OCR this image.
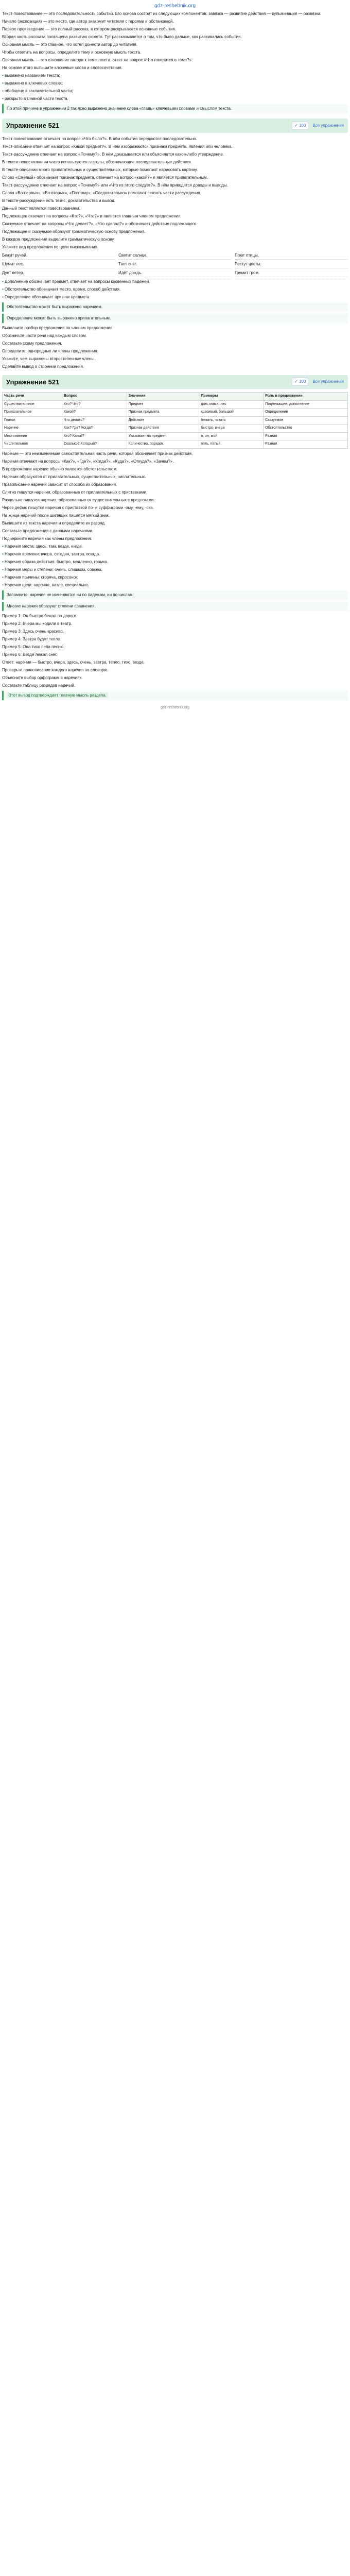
gdz-reshebnik.org

Текст-повествование — это последовательность событий. Его основа состоит из следующих компонентов: завязка — развитие действия — кульминация — развязка.

Начало (экспозиция) — это место, где автор знакомит читателя с героями и обстановкой.

Первое произведение — это полный рассказ, в котором раскрываются основные события.

Вторая часть рассказа посвящена развитию сюжета. Тут рассказывается о том, что было дальше, как развивались события.

Основная мысль — это главное, что хотел донести автор до читателя.

Чтобы ответить на вопросы, определите тему и основную мысль текста.

Основная мысль — это отношение автора к теме текста, ответ на вопрос «Что говорится о теме?».

На основе этого выпишите ключевые слова и словосочетания.

• выражено названием текста;

• выражено в ключевых словах;

• обобщено в заключительной части;

• раскрыто в главной части текста.

По этой причине в упражнении 2 так ясно выражено значение слова «гладь» ключевыми словами и смыслом текста.
Упражнение 521	✓ 100	Все упражнения

Текст-повествование отвечает на вопрос «Что было?». В нём события передаются последовательно.

Текст-описание отвечает на вопрос «Какой предмет?». В нём изображаются признаки предмета, явления или человека.

Текст-рассуждение отвечает на вопрос «Почему?». В нём доказывается или объясняется какое-либо утверждение.

В тексте-повествовании часто используются глаголы, обозначающие последовательные действия.

В тексте-описании много прилагательных и существительных, которые помогают нарисовать картину.

Слово «Смелый» обозначает признак предмета, отвечает на вопрос «какой?» и является прилагательным.

Текст-рассуждение отвечает на вопрос «Почему?» или «Что из этого следует?». В нём приводятся доводы и выводы.

Слова «Во-первых», «Во-вторых», «Поэтому», «Следовательно» помогают связать части рассуждения.

В тексте-рассуждении есть тезис, доказательства и вывод.

Данный текст является повествованием.

Подлежащее отвечает на вопросы «Кто?», «Что?» и является главным членом предложения.

Сказуемое отвечает на вопросы «Что делает?», «Что сделал?» и обозначает действие подлежащего.

Подлежащее и сказуемое образуют грамматическую основу предложения.

В каждом предложении выделите грамматическую основу.

Укажите вид предложения по цели высказывания.

Бежит ручей.	Светит солнце.	Поют птицы.
Шумит лес.	Тает снег.	Растут цветы.
Дует ветер.	Идёт дождь.	Гремит гром.

• Дополнение обозначает предмет, отвечает на вопросы косвенных падежей.

• Обстоятельство обозначает место, время, способ действия.

• Определение обозначает признак предмета.

Обстоятельство может быть выражено наречием.
Определение может быть выражено прилагательным.

Выполните разбор предложения по членам предложения.

Обозначьте части речи над каждым словом.

Составьте схему предложения.

Определите, однородные ли члены предложения.

Укажите, чем выражены второстепенные члены.

Сделайте вывод о строении предложения.

Упражнение 521	✓ 100	Все упражнения
Часть речи	Вопрос	Значение	Примеры	Роль в предложении
Существительное	Кто? Что?	Предмет	дом, мама, лес	Подлежащее, дополнение
Прилагательное	Какой?	Признак предмета	красивый, большой	Определение
Глагол	Что делать?	Действие	бежать, читать	Сказуемое
Наречие	Как? Где? Когда?	Признак действия	быстро, вчера	Обстоятельство
Местоимение	Кто? Какой?	Указывает на предмет	я, он, мой	Разная
Числительное	Сколько? Который?	Количество, порядок	пять, пятый	Разная

Наречие — это неизменяемая самостоятельная часть речи, которая обозначает признак действия.

Наречия отвечают на вопросы «Как?», «Где?», «Когда?», «Куда?», «Откуда?», «Зачем?».

В предложении наречие обычно является обстоятельством.

Наречия образуются от прилагательных, существительных, числительных.

Правописание наречий зависит от способа их образования.

Слитно пишутся наречия, образованные от прилагательных с приставками.

Раздельно пишутся наречия, образованные от существительных с предлогами.

Через дефис пишутся наречия с приставкой по- и суффиксами -ому, -ему, -ски.

На конце наречий после шипящих пишется мягкий знак.

Выпишите из текста наречия и определите их разряд.

Составьте предложения с данными наречиями.

Подчеркните наречия как члены предложения.

• Наречия места: здесь, там, везде, нигде.

• Наречия времени: вчера, сегодня, завтра, всегда.

• Наречия образа действия: быстро, медленно, громко.

• Наречия меры и степени: очень, слишком, совсем.

• Наречия причины: сгоряча, спросонок.

• Наречия цели: нарочно, назло, специально.

Запомните: наречия не изменяются ни по падежам, ни по числам.
Многие наречия образуют степени сравнения.

Пример 1: Он быстро бежал по дороге.

Пример 2: Вчера мы ходили в театр.

Пример 3: Здесь очень красиво.

Пример 4: Завтра будет тепло.

Пример 5: Она тихо пела песню.

Пример 6: Везде лежал снег.

Ответ: наречия — быстро, вчера, здесь, очень, завтра, тепло, тихо, везде.

Проверьте правописание каждого наречия по словарю.

Объясните выбор орфограмм в наречиях.

Составьте таблицу разрядов наречий.

Этот вывод подтверждает главную мысль раздела.
gdz-reshebnik.org
